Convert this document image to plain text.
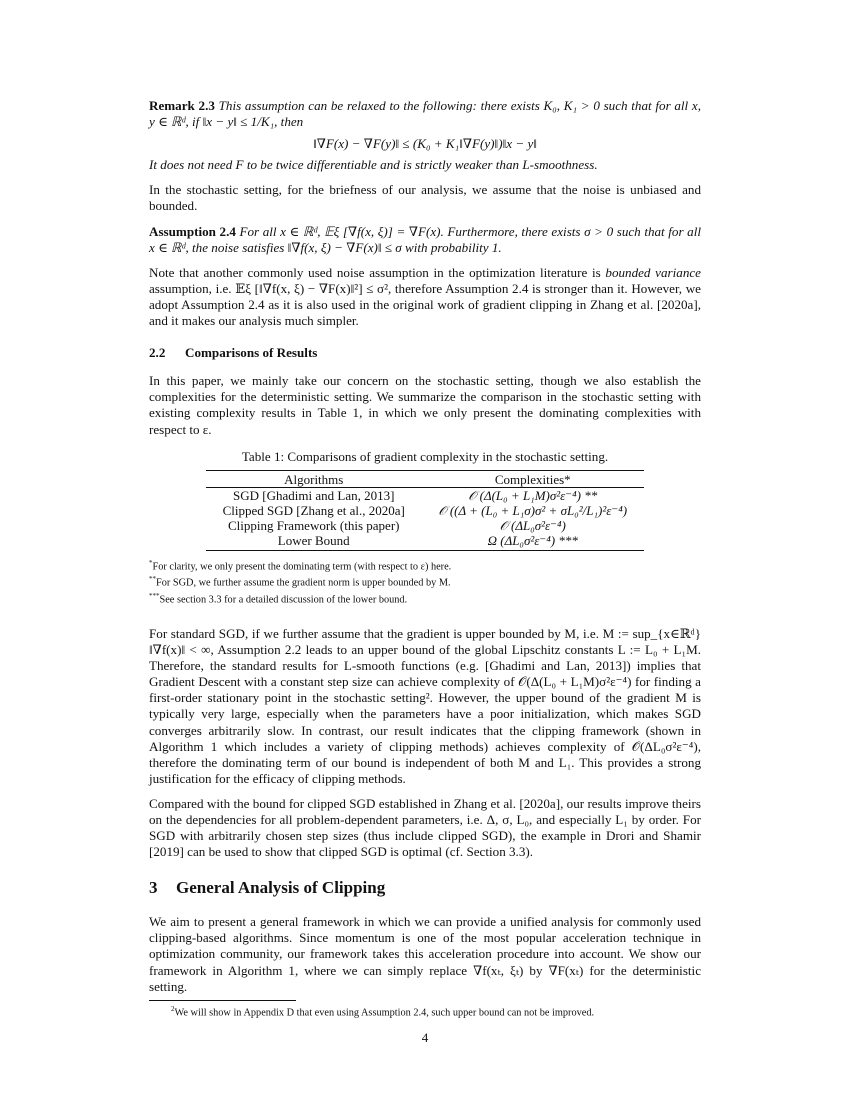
Remark 2.3 This assumption can be relaxed to the following: there exists K₀, K₁ > 0 such that for all x, y ∈ ℝᵈ, if ‖x − y‖ ≤ 1/K₁, then

‖∇F(x) − ∇F(y)‖ ≤ (K₀ + K₁‖∇F(y)‖)‖x − y‖

It does not need F to be twice differentiable and is strictly weaker than L-smoothness.

In the stochastic setting, for the briefness of our analysis, we assume that the noise is unbiased and bounded.

Assumption 2.4 For all x ∈ ℝᵈ, 𝔼ξ [∇f(x, ξ)] = ∇F(x). Furthermore, there exists σ > 0 such that for all x ∈ ℝᵈ, the noise satisfies ‖∇f(x, ξ) − ∇F(x)‖ ≤ σ with probability 1.

Note that another commonly used noise assumption in the optimization literature is bounded variance assumption, i.e. 𝔼ξ [‖∇f(x, ξ) − ∇F(x)‖²] ≤ σ², therefore Assumption 2.4 is stronger than it. However, we adopt Assumption 2.4 as it is also used in the original work of gradient clipping in Zhang et al. [2020a], and it makes our analysis much simpler.

2.2 Comparisons of Results

In this paper, we mainly take our concern on the stochastic setting, though we also establish the complexities for the deterministic setting. We summarize the comparison in the stochastic setting with existing complexity results in Table 1, in which we only present the dominating complexities with respect to ε.

Table 1: Comparisons of gradient complexity in the stochastic setting.
Algorithms	Complexities*
SGD [Ghadimi and Lan, 2013]	𝒪 (Δ(L₀ + L₁M)σ²ε⁻⁴) **
Clipped SGD [Zhang et al., 2020a]	𝒪 ((Δ + (L₀ + L₁σ)σ² + σL₀²/L₁)²ε⁻⁴)
Clipping Framework (this paper)	𝒪 (ΔL₀σ²ε⁻⁴)
Lower Bound	Ω (ΔL₀σ²ε⁻⁴) ***
*For clarity, we only present the dominating term (with respect to ε) here.
**For SGD, we further assume the gradient norm is upper bounded by M.
***See section 3.3 for a detailed discussion of the lower bound.

For standard SGD, if we further assume that the gradient is upper bounded by M, i.e. M := sup_{x∈ℝᵈ} ‖∇f(x)‖ < ∞, Assumption 2.2 leads to an upper bound of the global Lipschitz constants L := L₀ + L₁M. Therefore, the standard results for L-smooth functions (e.g. [Ghadimi and Lan, 2013]) implies that Gradient Descent with a constant step size can achieve complexity of 𝒪(Δ(L₀ + L₁M)σ²ε⁻⁴) for finding a first-order stationary point in the stochastic setting². However, the upper bound of the gradient M is typically very large, especially when the parameters have a poor initialization, which makes SGD converges arbitrarily slow. In contrast, our result indicates that the clipping framework (shown in Algorithm 1 which includes a variety of clipping methods) achieves complexity of 𝒪(ΔL₀σ²ε⁻⁴), therefore the dominating term of our bound is independent of both M and L₁. This provides a strong justification for the efficacy of clipping methods.

Compared with the bound for clipped SGD established in Zhang et al. [2020a], our results improve theirs on the dependencies for all problem-dependent parameters, i.e. Δ, σ, L₀, and especially L₁ by order. For SGD with arbitrarily chosen step sizes (thus include clipped SGD), the example in Drori and Shamir [2019] can be used to show that clipped SGD is optimal (cf. Section 3.3).

3 General Analysis of Clipping

We aim to present a general framework in which we can provide a unified analysis for commonly used clipping-based algorithms. Since momentum is one of the most popular acceleration technique in optimization community, our framework takes this acceleration procedure into account. We show our framework in Algorithm 1, where we can simply replace ∇f(xₜ, ξₜ) by ∇F(xₜ) for the deterministic setting.

$^2$We will show in Appendix D that even using Assumption 2.4, such upper bound can not be improved.
4
